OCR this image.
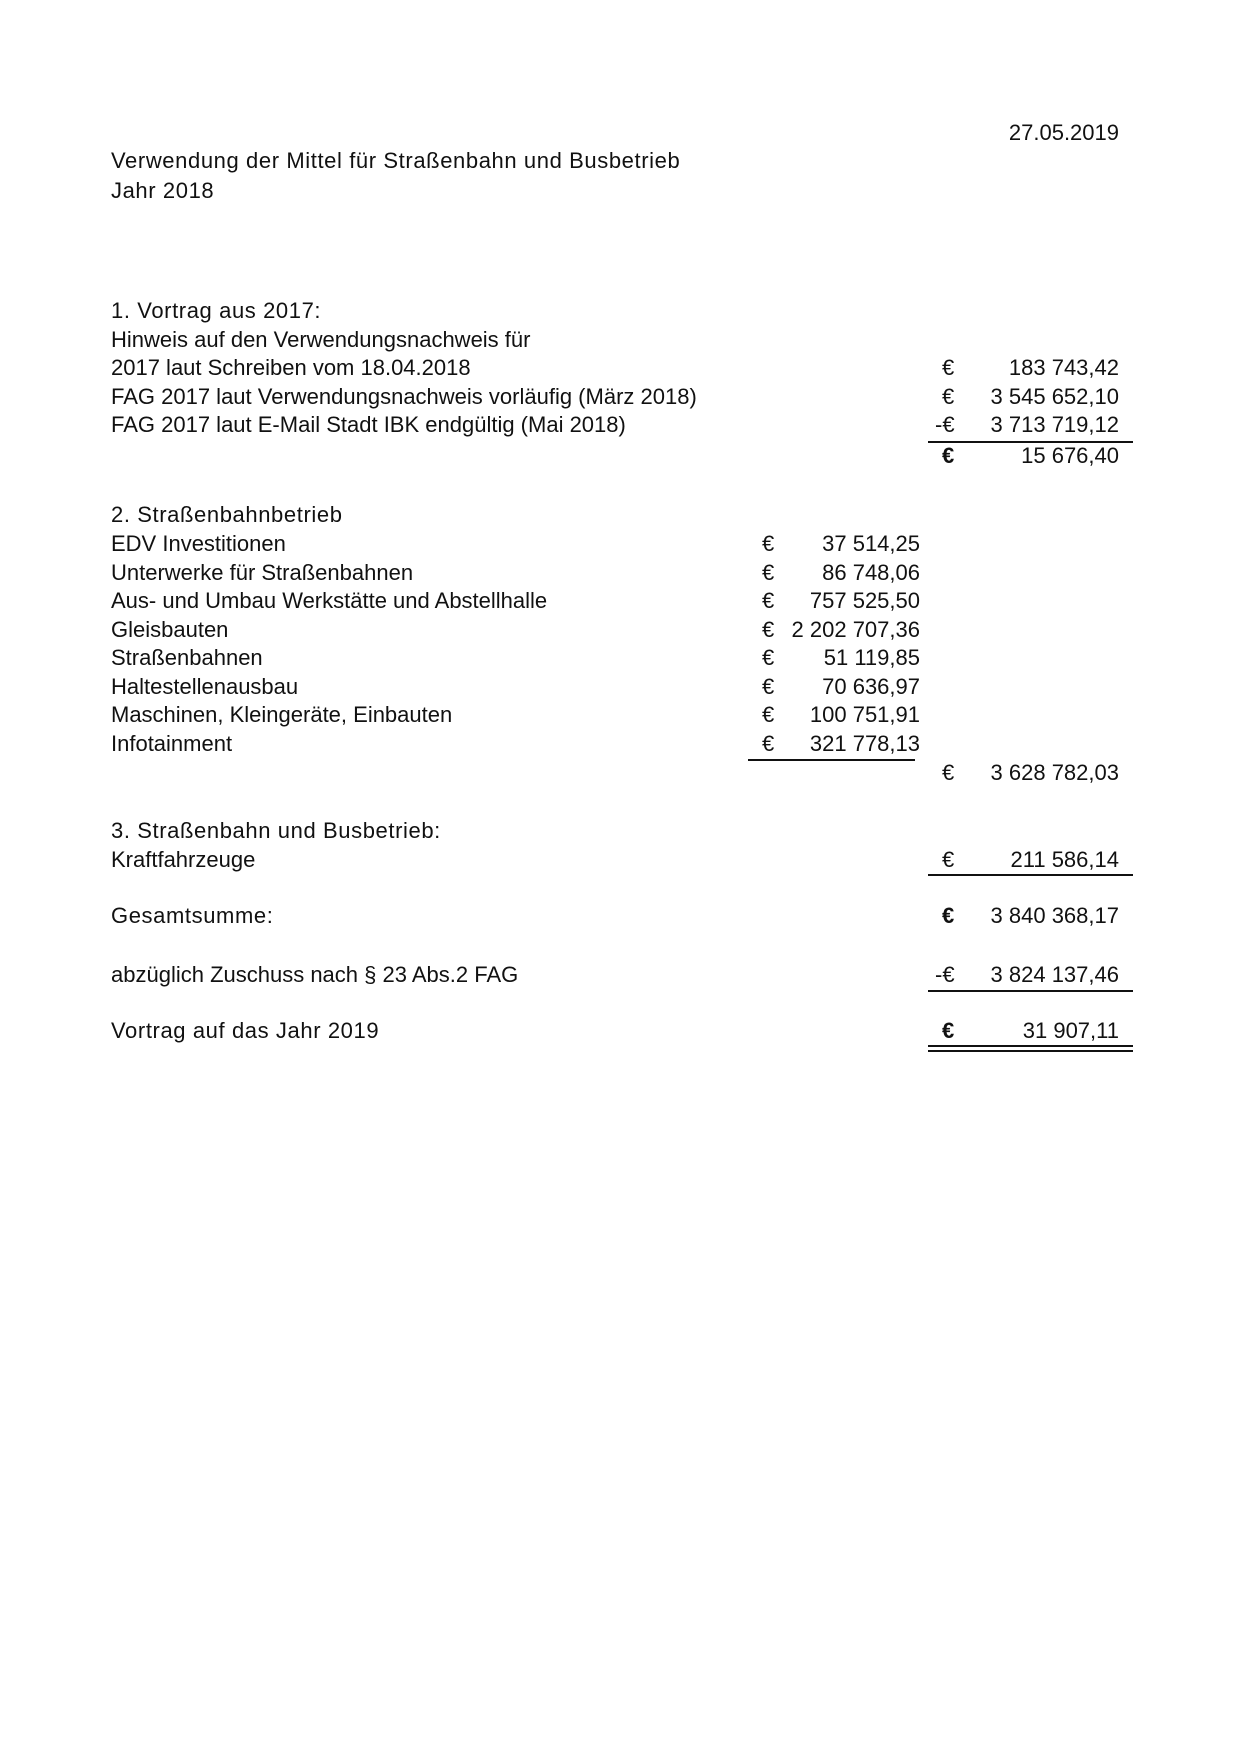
27.05.2019
Verwendung der Mittel für Straßenbahn und Busbetrieb
Jahr 2018
1. Vortrag aus 2017:
Hinweis auf den Verwendungsnachweis für
2017 laut Schreiben vom 18.04.2018	€ 183 743,42
FAG 2017 laut Verwendungsnachweis vorläufig (März 2018)	€ 3 545 652,10
FAG 2017 laut E-Mail Stadt IBK endgültig (Mai 2018)	-€ 3 713 719,12
€	15 676,40
2. Straßenbahnbetrieb
EDV Investitionen	€ 37 514,25
Unterwerke für Straßenbahnen	€ 86 748,06
Aus- und Umbau Werkstätte und Abstellhalle	€ 757 525,50
Gleisbauten	€ 2 202 707,36
Straßenbahnen	€ 51 119,85
Haltestellenausbau	€ 70 636,97
Maschinen, Kleingeräte, Einbauten	€ 100 751,91
Infotainment	€ 321 778,13
€ 3 628 782,03
3. Straßenbahn und Busbetrieb:
Kraftfahrzeuge	€	211 586,14
Gesamtsumme:	€ 3 840 368,17
abzüglich Zuschuss nach § 23 Abs.2 FAG	-€ 3 824 137,46
Vortrag auf das Jahr 2019	€	31 907,11
